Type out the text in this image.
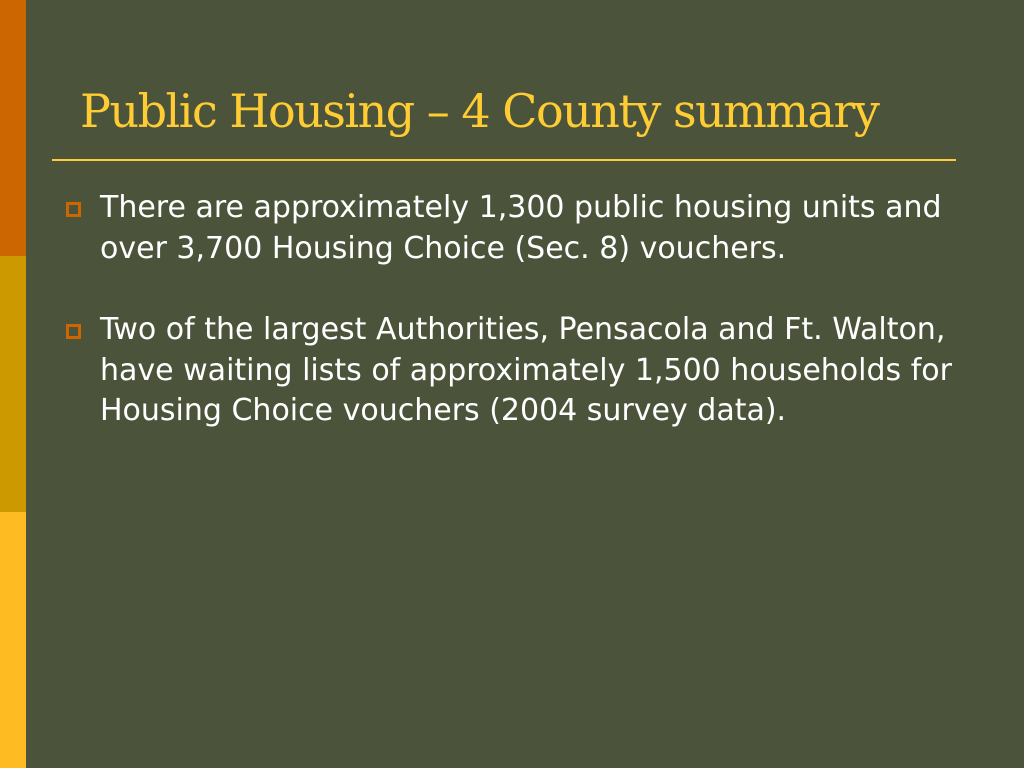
Public Housing – 4 County summary
There are approximately 1,300 public housing units and over 3,700 Housing Choice (Sec. 8) vouchers.
Two of the largest Authorities, Pensacola and Ft. Walton, have waiting lists of approximately 1,500 households for Housing Choice vouchers (2004 survey data).
